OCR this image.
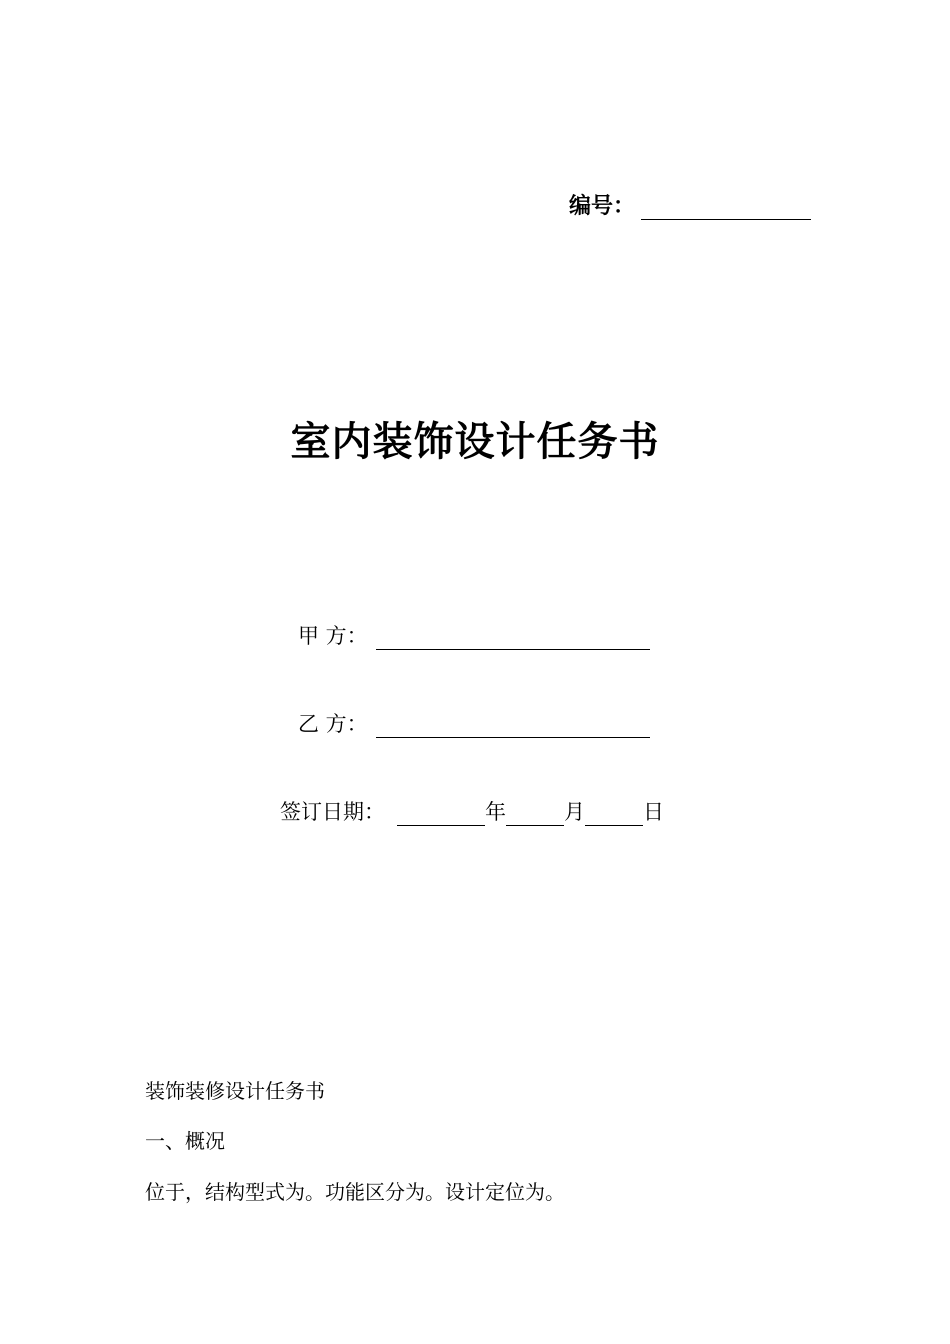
编号：
室内装饰设计任务书
甲 方：
乙 方：
签订日期：	年	月	日
装饰装修设计任务书
一、概况
位于，结构型式为。功能区分为。设计定位为。
